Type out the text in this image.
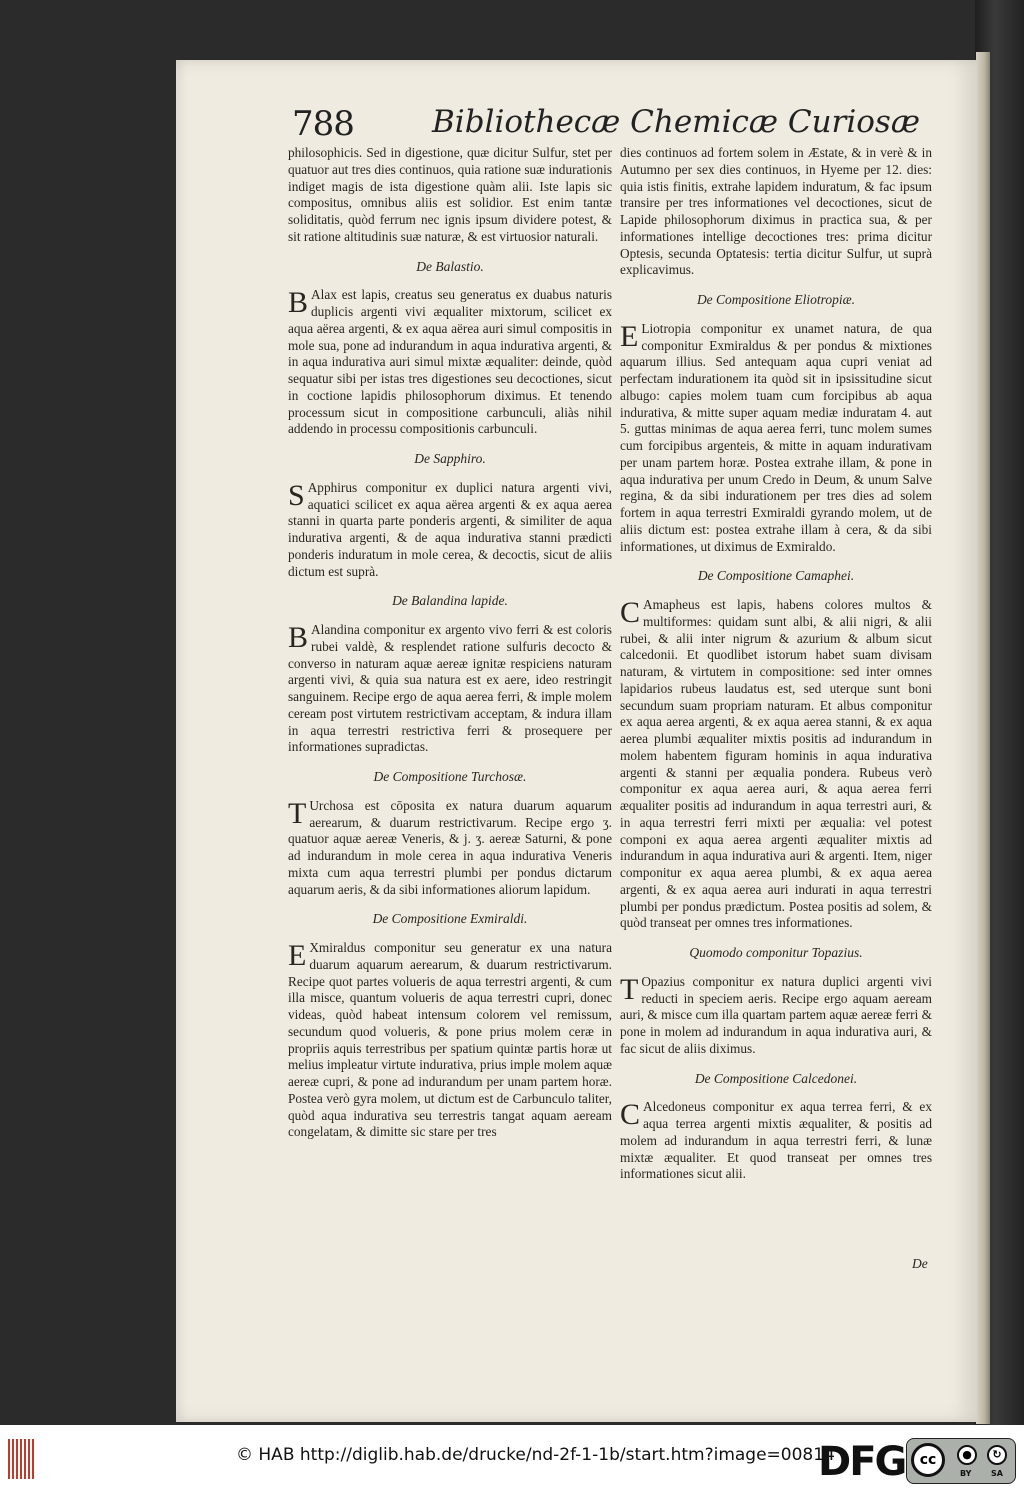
788	Bibliothecæ Chemicæ Curiosæ

philosophicis. Sed in digestione, quæ dicitur Sulfur, stet per quatuor aut tres dies continuos, quia ratione suæ indurationis indiget magis de ista digestione quàm alii. Iste lapis sic compositus, omnibus aliis est solidior. Est enim tantæ soliditatis, quòd ferrum nec ignis ipsum dividere potest, & sit ratione altitudinis suæ naturæ, & est virtuosior naturali.

De Balastio.

B Alax est lapis, creatus seu generatus ex duabus naturis duplicis argenti vivi æqualiter mixtorum, scilicet ex aqua aërea argenti, & ex aqua aërea auri simul compositis in mole sua, pone ad indurandum in aqua indurativa argenti, & in aqua indurativa auri simul mixtæ æqualiter: deinde, quòd sequatur sibi per istas tres digestiones seu decoctiones, sicut in coctione lapidis philosophorum diximus. Et tenendo processum sicut in compositione carbunculi, aliàs nihil addendo in processu compositionis carbunculi.

De Sapphiro.

S Apphirus componitur ex duplici natura argenti vivi, aquatici scilicet ex aqua aërea argenti & ex aqua aerea stanni in quarta parte ponderis argenti, & similiter de aqua indurativa argenti, & de aqua indurativa stanni prædicti ponderis induratum in mole cerea, & decoctis, sicut de aliis dictum est suprà.

De Balandina lapide.

B Alandina componitur ex argento vivo ferri & est coloris rubei valdè, & resplendet ratione sulfuris decocto & converso in naturam aquæ aereæ ignitæ respiciens naturam argenti vivi, & quia sua natura est ex aere, ideo restringit sanguinem. Recipe ergo de aqua aerea ferri, & imple molem ceream post virtutem restrictivam acceptam, & indura illam in aqua terrestri restrictiva ferri & prosequere per informationes supradictas.

De Compositione Turchosæ.

T Urchosa est cōposita ex natura duarum aquarum aerearum, & duarum restrictivarum. Recipe ergo ʒ. quatuor aquæ aereæ Veneris, & j. ʒ. aereæ Saturni, & pone ad indurandum in mole cerea in aqua indurativa Veneris mixta cum aqua terrestri plumbi per pondus dictarum aquarum aeris, & da sibi informationes aliorum lapidum.

De Compositione Exmiraldi.

E Xmiraldus componitur seu generatur ex una natura duarum aquarum aerearum, & duarum restrictivarum. Recipe quot partes volueris de aqua terrestri argenti, & cum illa misce, quantum volueris de aqua terrestri cupri, donec videas, quòd habeat intensum colorem vel remissum, secundum quod volueris, & pone prius molem ceræ in propriis aquis terrestribus per spatium quintæ partis horæ ut melius impleatur virtute indurativa, prius imple molem aquæ aereæ cupri, & pone ad indurandum per unam partem horæ. Postea verò gyra molem, ut dictum est de Carbunculo taliter, quòd aqua indurativa seu terrestris tangat aquam aeream congelatam, & dimitte sic stare per tres

dies continuos ad fortem solem in Æstate, & in verè & in Autumno per sex dies continuos, in Hyeme per 12. dies: quia istis finitis, extrahe lapidem induratum, & fac ipsum transire per tres informationes vel decoctiones, sicut de Lapide philosophorum diximus in practica sua, & per informationes intellige decoctiones tres: prima dicitur Optesis, secunda Optatesis: tertia dicitur Sulfur, ut suprà explicavimus.

De Compositione Eliotropiæ.

E Liotropia componitur ex unamet natura, de qua componitur Exmiraldus & per pondus & mixtiones aquarum illius. Sed antequam aqua cupri veniat ad perfectam indurationem ita quòd sit in ipsissitudine sicut albugo: capies molem tuam cum forcipibus ab aqua indurativa, & mitte super aquam mediæ induratam 4. aut 5. guttas minimas de aqua aerea ferri, tunc molem sumes cum forcipibus argenteis, & mitte in aquam indurativam per unam partem horæ. Postea extrahe illam, & pone in aqua indurativa per unum Credo in Deum, & unum Salve regina, & da sibi indurationem per tres dies ad solem fortem in aqua terrestri Exmiraldi gyrando molem, ut de aliis dictum est: postea extrahe illam à cera, & da sibi informationes, ut diximus de Exmiraldo.

De Compositione Camaphei.

C Amapheus est lapis, habens colores multos & multiformes: quidam sunt albi, & alii nigri, & alii rubei, & alii inter nigrum & azurium & album sicut calcedonii. Et quodlibet istorum habet suam divisam naturam, & virtutem in compositione: sed inter omnes lapidarios rubeus laudatus est, sed uterque sunt boni secundum suam propriam naturam. Et albus componitur ex aqua aerea argenti, & ex aqua aerea stanni, & ex aqua aerea plumbi æqualiter mixtis positis ad indurandum in molem habentem figuram hominis in aqua indurativa argenti & stanni per æqualia pondera. Rubeus verò componitur ex aqua aerea auri, & aqua aerea ferri æqualiter positis ad indurandum in aqua terrestri auri, & in aqua terrestri ferri mixti per æqualia: vel potest componi ex aqua aerea argenti æqualiter mixtis ad indurandum in aqua indurativa auri & argenti. Item, niger componitur ex aqua aerea plumbi, & ex aqua aerea argenti, & ex aqua aerea auri indurati in aqua terrestri plumbi per pondus prædictum. Postea positis ad solem, & quòd transeat per omnes tres informationes.

Quomodo componitur Topazius.

T Opazius componitur ex natura duplici argenti vivi reducti in speciem aeris. Recipe ergo aquam aeream auri, & misce cum illa quartam partem aquæ aereæ ferri & pone in molem ad indurandum in aqua indurativa auri, & fac sicut de aliis diximus.

De Compositione Calcedonei.

C Alcedoneus componitur ex aqua terrea ferri, & ex aqua terrea argenti mixtis æqualiter, & positis ad molem ad indurandum in aqua terrestri ferri, & lunæ mixtæ æqualiter. Et quod transeat per omnes tres informationes sicut alii.

De
© HAB http://diglib.hab.de/drucke/nd-2f-1-1b/start.htm?image=00814
DFG	cc	●	↻
BY SA
